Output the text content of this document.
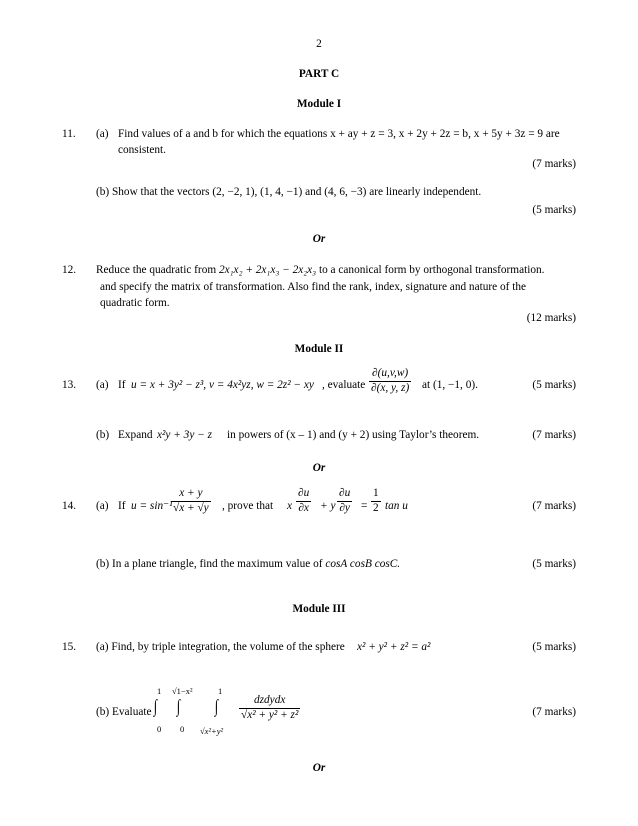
2
PART C
Module I
11. (a) Find values of a and b for which the equations x + ay + z = 3, x + 2y + 2z = b, x + 5y + 3z = 9 are
consistent.
(7 marks)
(b) Show that the vectors (2, −2, 1), (1, 4, −1) and (4, 6, −3) are linearly independent.
(5 marks)
Or
12. Reduce the quadratic from 2x₁x₂ + 2x₁x₃ − 2x₂x₃ to a canonical form by orthogonal transformation.
and specify the matrix of transformation. Also find the rank, index, signature and nature of the
quadratic form.
(12 marks)
Module II
13. (a) If u = x + 3y² − z³, v = 4x²yz, w = 2z² − xy , evaluate $\frac{\partial(u,v,w)}{\partial(x, y, z)}$ at (1, −1, 0).	(5 marks)
(b) Expand x²y + 3y − z in powers of (x – 1) and (y + 2) using Taylor’s theorem.	(7 marks)
Or
14. (a) If u = sin⁻¹
$\frac{x + y}{√x + √y}$ , prove that x $\frac{\partial u}{\partial x} + y \frac{\partial u}{\partial y} = \frac{1}{2}$ tan u	(7 marks)
(b) In a plane triangle, find the maximum value of cosA cosB cosC.	(5 marks)
Module III
15. (a) Find, by triple integration, the volume of the sphere x² + y² + z² = a²	(5 marks)
(b) Evaluate
1
∫
0
√1−x²
∫
0
1
∫
√x²+y²
$\frac{\text{dzdydx}}{\text{√x² + y² + z²}}$	(7 marks)
Or
